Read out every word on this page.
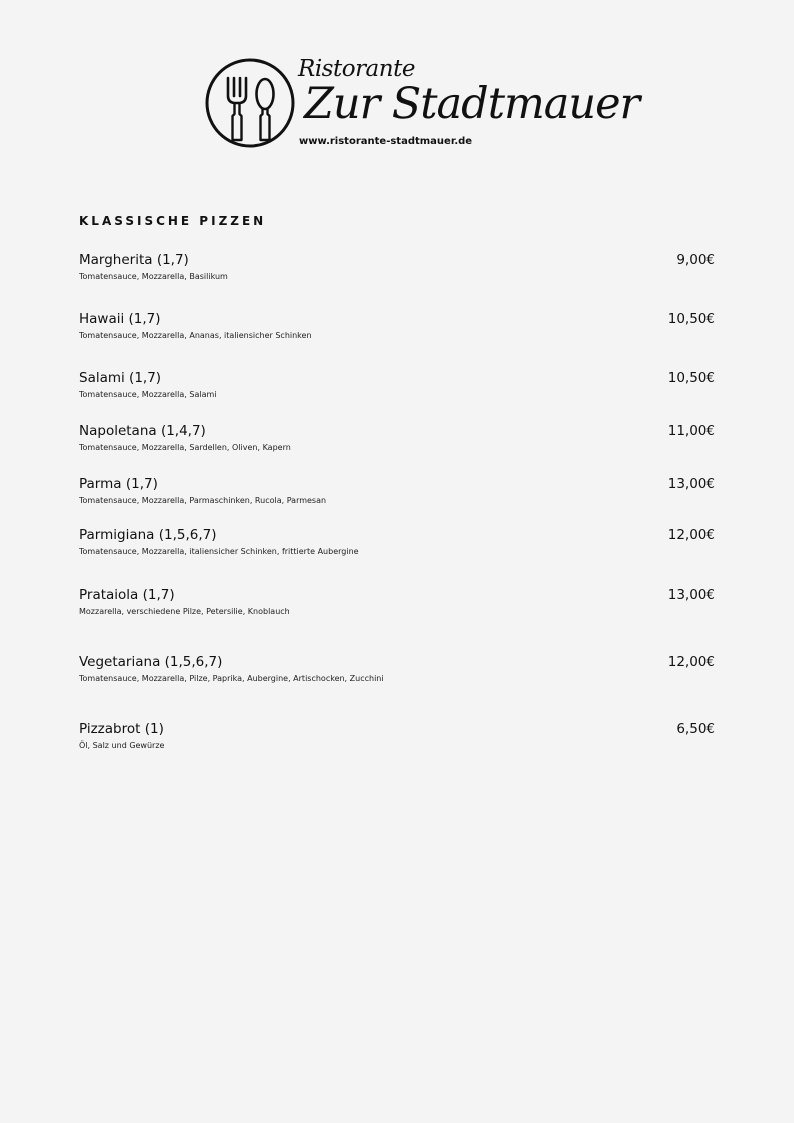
Ristorante
Zur Stadtmauer
www.ristorante-stadtmauer.de
KLASSISCHE PIZZEN
Margherita (1,7)	9,00€
Tomatensauce, Mozzarella, Basilikum
Hawaii (1,7)	10,50€
Tomatensauce, Mozzarella, Ananas, italiensicher Schinken
Salami (1,7)	10,50€
Tomatensauce, Mozzarella, Salami
Napoletana (1,4,7)	11,00€
Tomatensauce, Mozzarella, Sardellen, Oliven, Kapern
Parma (1,7)	13,00€
Tomatensauce, Mozzarella, Parmaschinken, Rucola, Parmesan
Parmigiana (1,5,6,7)	12,00€
Tomatensauce, Mozzarella, italiensicher Schinken, frittierte Aubergine
Prataiola (1,7)	13,00€
Mozzarella, verschiedene Pilze, Petersilie, Knoblauch
Vegetariana (1,5,6,7)	12,00€
Tomatensauce, Mozzarella, Pilze, Paprika, Aubergine, Artischocken, Zucchini
Pizzabrot (1)	6,50€
Öl, Salz und Gewürze
